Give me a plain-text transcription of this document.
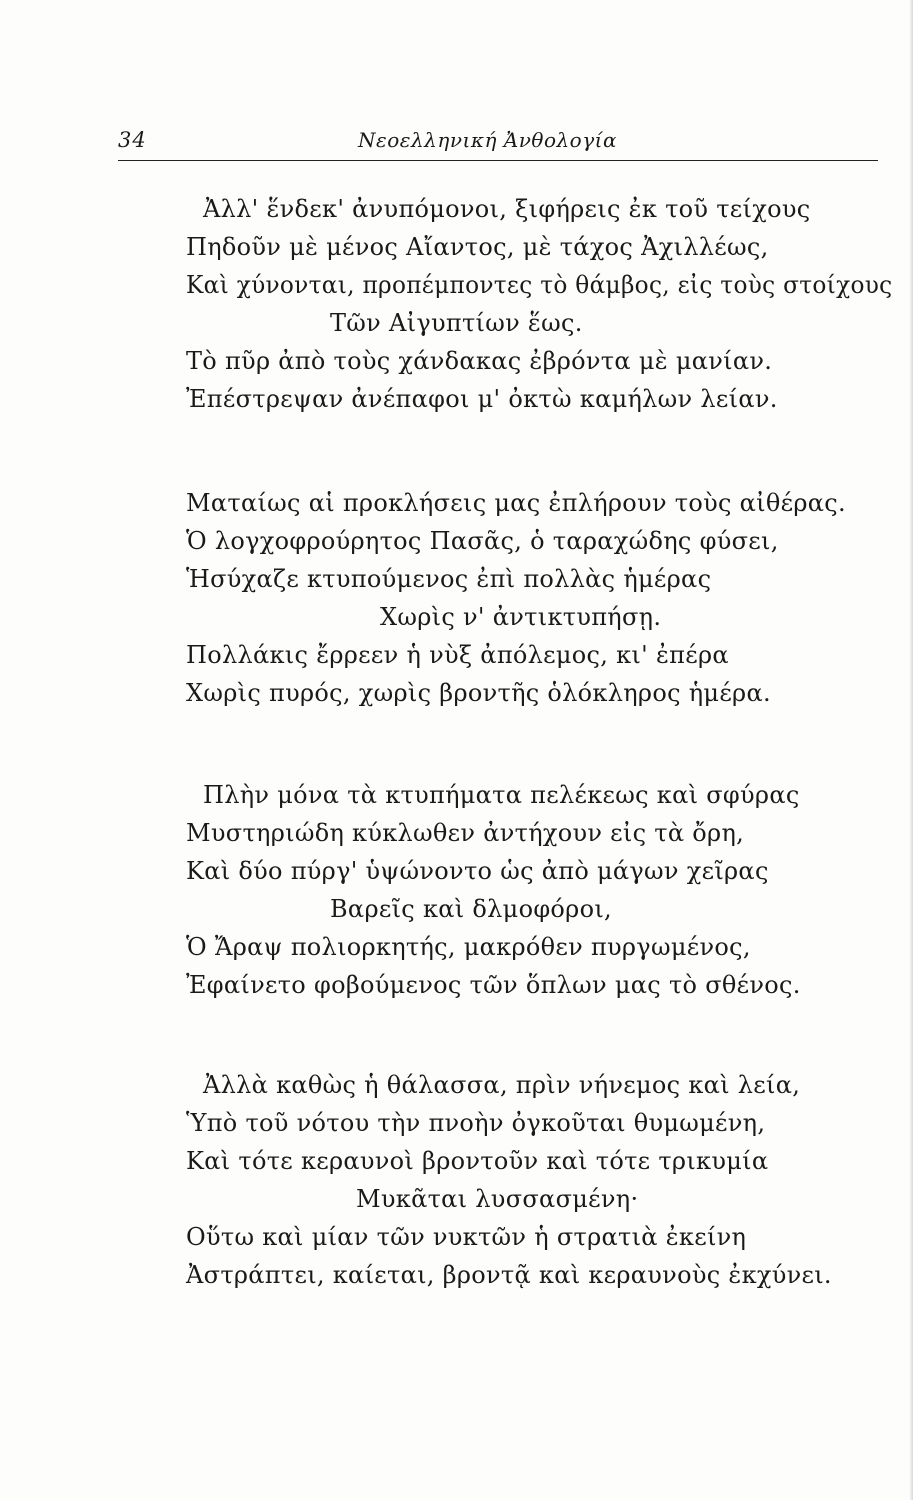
34	Νεοελληνική Ἀνθολογία
Ἀλλ' ἕνδεκ' ἀνυπόμονοι, ξιφήρεις ἐκ τοῦ τείχους
Πηδοῦν μὲ μένος Αἴαντος, μὲ τάχος Ἀχιλλέως,
Καὶ χύνονται, προπέμποντες τὸ θάμβος, εἰς τοὺς στοίχους
Τῶν Αἰγυπτίων ἕως.
Τὸ πῦρ ἀπὸ τοὺς χάνδακας ἐβρόντα μὲ μανίαν.
Ἐπέστρεψαν ἀνέπαφοι μ' ὀκτὼ καμήλων λείαν.
Ματαίως αἱ προκλήσεις μας ἐπλήρουν τοὺς αἰθέρας.
Ὁ λογχοφρούρητος Πασᾶς, ὁ ταραχώδης φύσει,
Ἡσύχαζε κτυπούμενος ἐπὶ πολλὰς ἡμέρας
Χωρὶς ν' ἀντικτυπήσῃ.
Πολλάκις ἔρρεεν ἡ νὺξ ἀπόλεμος, κι' ἐπέρα
Χωρὶς πυρός, χωρὶς βροντῆς ὁλόκληρος ἡμέρα.
Πλὴν μόνα τὰ κτυπήματα πελέκεως καὶ σφύρας
Μυστηριώδη κύκλωθεν ἀντήχουν εἰς τὰ ὄρη,
Καὶ δύο πύργ' ὑψώνοντο ὡς ἀπὸ μάγων χεῖρας
Βαρεῖς καὶ δλμοφόροι,
Ὁ Ἄραψ πολιορκητής, μακρόθεν πυργωμένος,
Ἐφαίνετο φοβούμενος τῶν ὅπλων μας τὸ σθένος.
Ἀλλὰ καθὼς ἡ θάλασσα, πρὶν νήνεμος καὶ λεία,
Ὑπὸ τοῦ νότου τὴν πνοὴν ὀγκοῦται θυμωμένη,
Καὶ τότε κεραυνοὶ βροντοῦν καὶ τότε τρικυμία
Μυκᾶται λυσσασμένη·
Οὕτω καὶ μίαν τῶν νυκτῶν ἡ στρατιὰ ἐκείνη
Ἀστράπτει, καίεται, βροντᾷ καὶ κεραυνοὺς ἐκχύνει.
